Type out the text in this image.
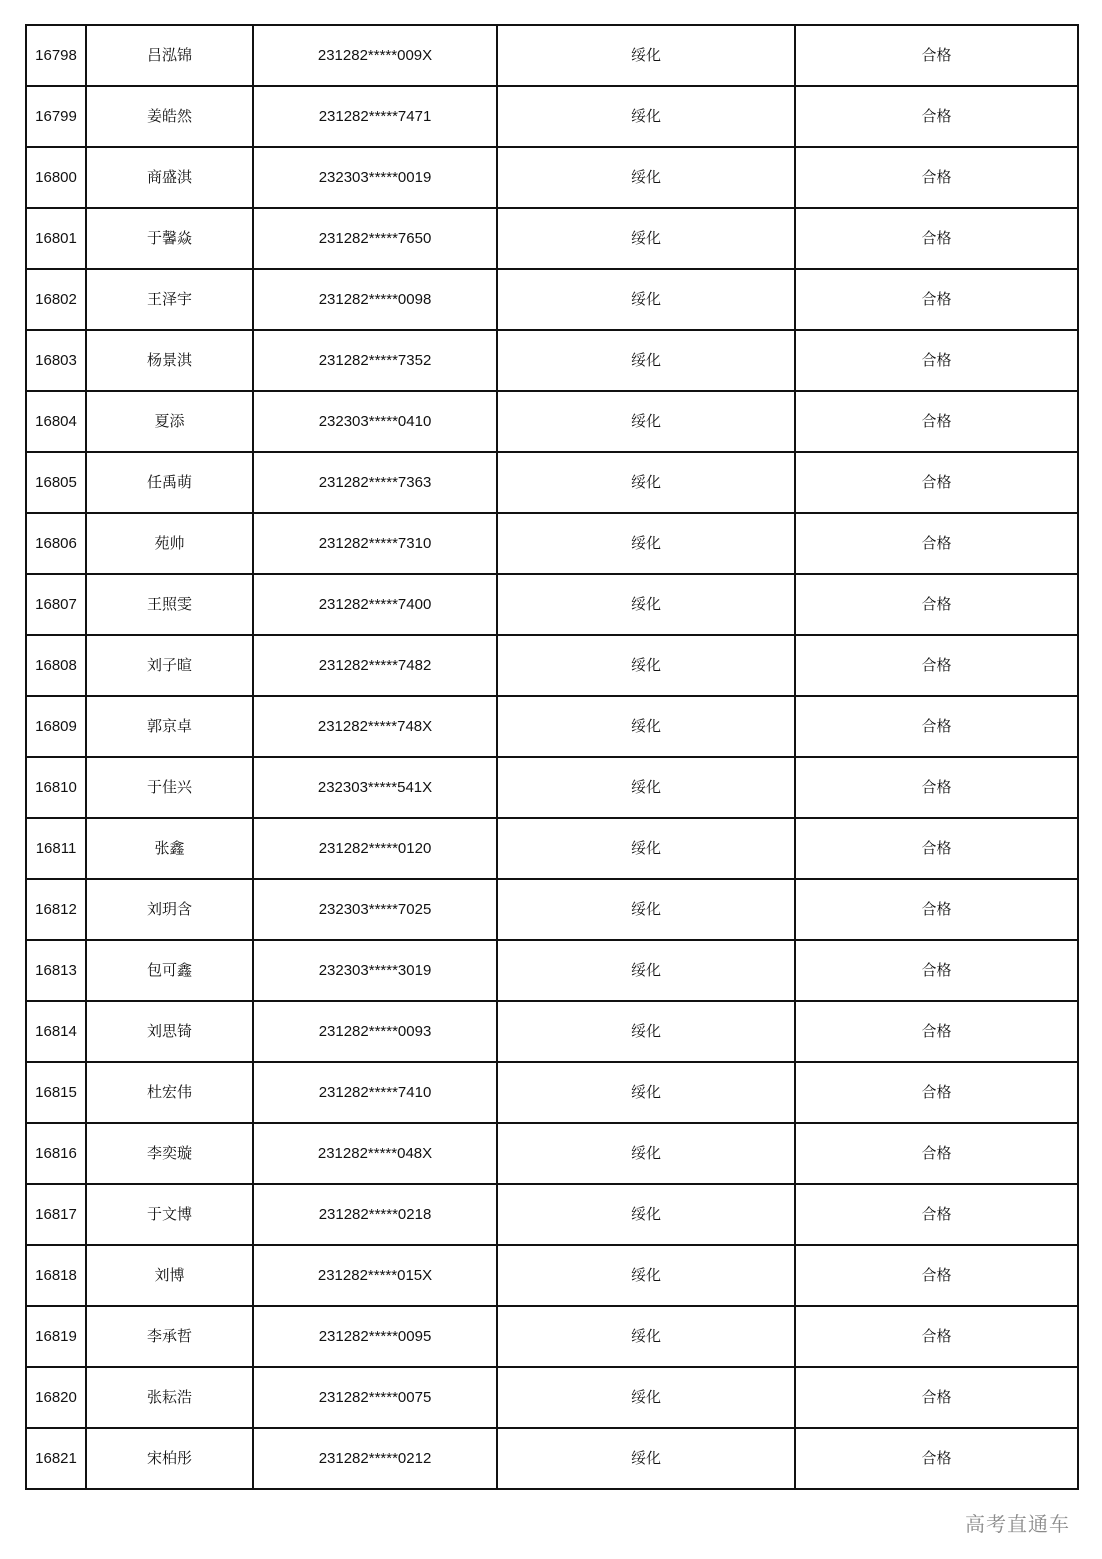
16798	吕泓锦	231282*****009X	绥化	合格
16799	姜皓然	231282*****7471	绥化	合格
16800	商盛淇	232303*****0019	绥化	合格
16801	于馨焱	231282*****7650	绥化	合格
16802	王泽宇	231282*****0098	绥化	合格
16803	杨景淇	231282*****7352	绥化	合格
16804	夏添	232303*****0410	绥化	合格
16805	任禹萌	231282*****7363	绥化	合格
16806	苑帅	231282*****7310	绥化	合格
16807	王照雯	231282*****7400	绥化	合格
16808	刘子暄	231282*****7482	绥化	合格
16809	郭京卓	231282*****748X	绥化	合格
16810	于佳兴	232303*****541X	绥化	合格
16811	张鑫	231282*****0120	绥化	合格
16812	刘玥含	232303*****7025	绥化	合格
16813	包可鑫	232303*****3019	绥化	合格
16814	刘思锜	231282*****0093	绥化	合格
16815	杜宏伟	231282*****7410	绥化	合格
16816	李奕璇	231282*****048X	绥化	合格
16817	于文博	231282*****0218	绥化	合格
16818	刘博	231282*****015X	绥化	合格
16819	李承哲	231282*****0095	绥化	合格
16820	张耘浩	231282*****0075	绥化	合格
16821	宋柏彤	231282*****0212	绥化	合格
高考直通车
